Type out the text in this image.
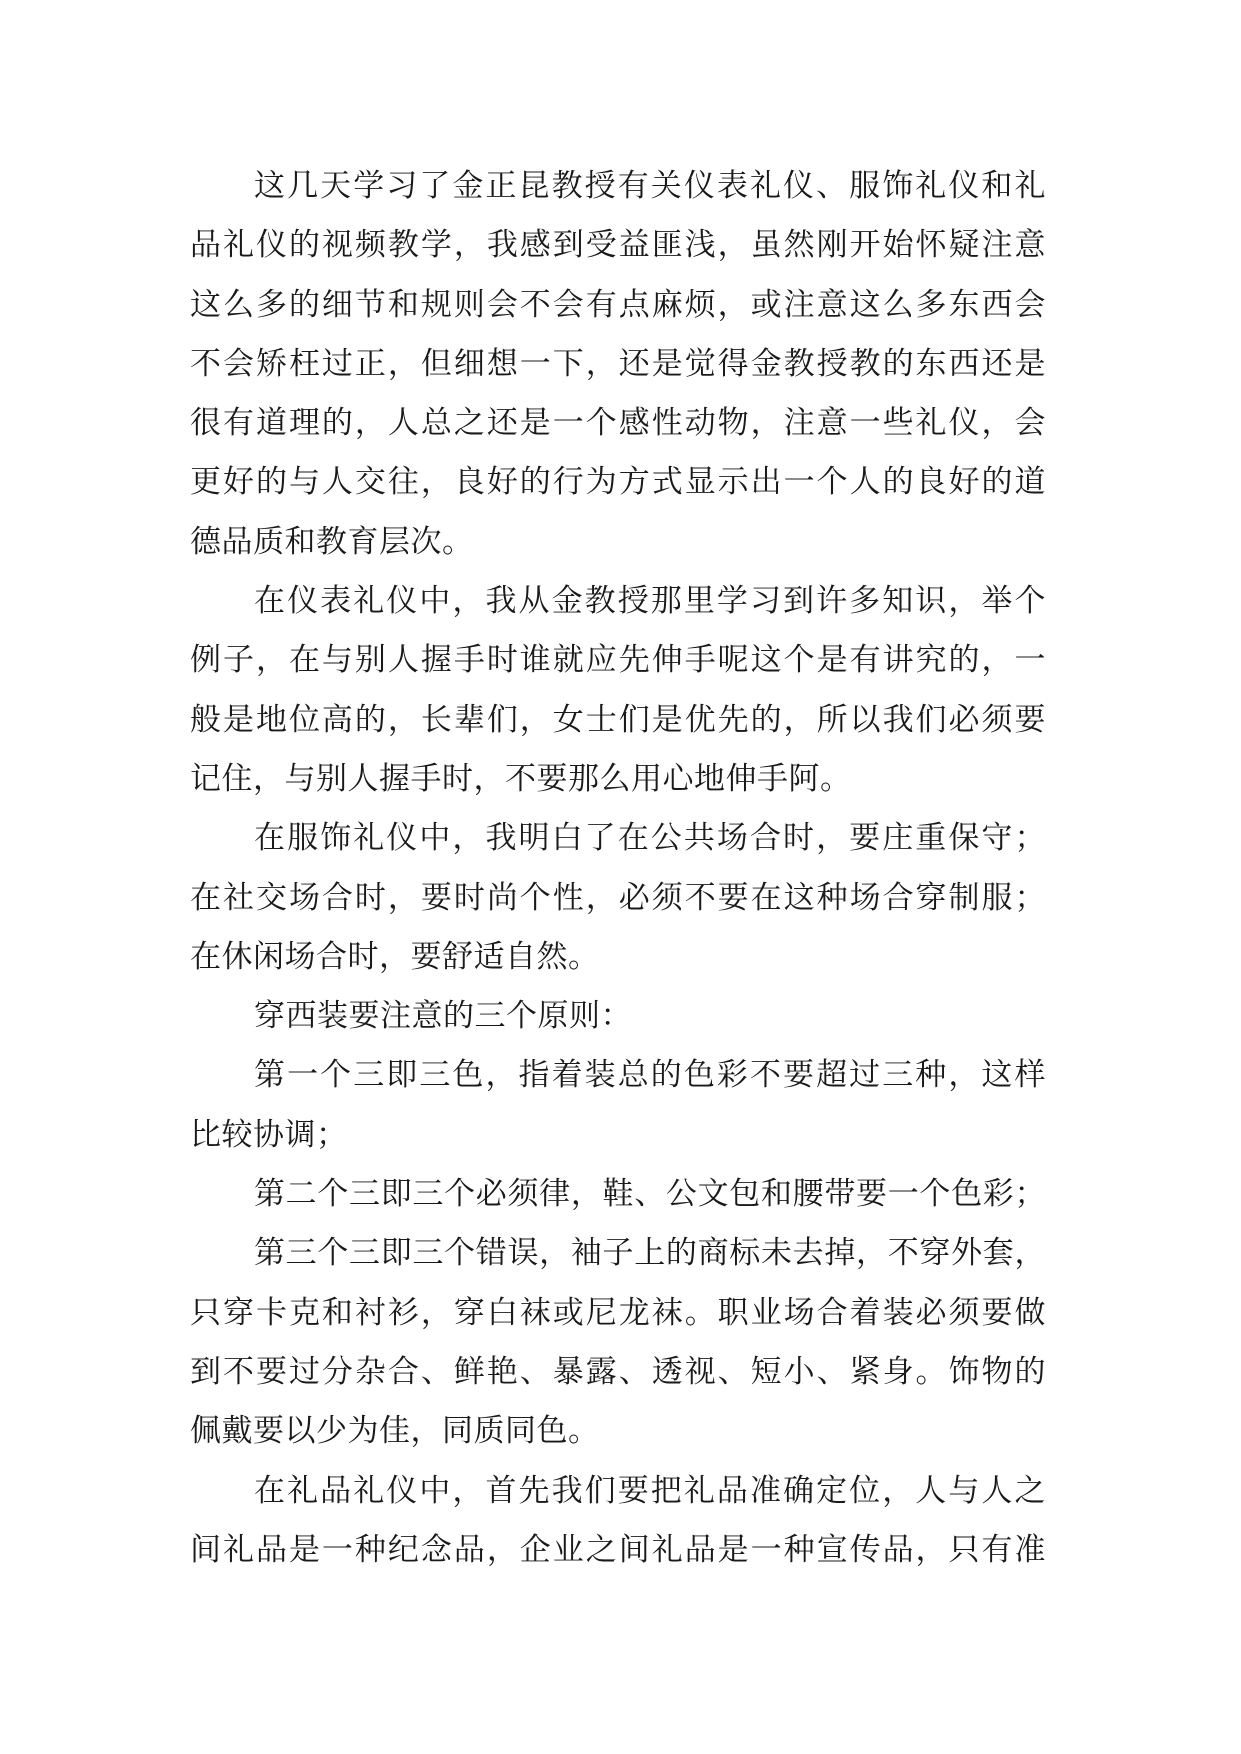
这几天学习了金正昆教授有关仪表礼仪、服饰礼仪和礼
品礼仪的视频教学，我感到受益匪浅，虽然刚开始怀疑注意
这么多的细节和规则会不会有点麻烦，或注意这么多东西会
不会矫枉过正，但细想一下，还是觉得金教授教的东西还是
很有道理的，人总之还是一个感性动物，注意一些礼仪，会
更好的与人交往，良好的行为方式显示出一个人的良好的道
德品质和教育层次。
在仪表礼仪中，我从金教授那里学习到许多知识，举个
例子，在与别人握手时谁就应先伸手呢这个是有讲究的，一
般是地位高的，长辈们，女士们是优先的，所以我们必须要
记住，与别人握手时，不要那么用心地伸手阿。
在服饰礼仪中，我明白了在公共场合时，要庄重保守；
在社交场合时，要时尚个性，必须不要在这种场合穿制服；
在休闲场合时，要舒适自然。
穿西装要注意的三个原则：
第一个三即三色，指着装总的色彩不要超过三种，这样
比较协调；
第二个三即三个必须律，鞋、公文包和腰带要一个色彩；
第三个三即三个错误，袖子上的商标未去掉，不穿外套，
只穿卡克和衬衫，穿白袜或尼龙袜。职业场合着装必须要做
到不要过分杂合、鲜艳、暴露、透视、短小、紧身。饰物的
佩戴要以少为佳，同质同色。
在礼品礼仪中，首先我们要把礼品准确定位，人与人之
间礼品是一种纪念品，企业之间礼品是一种宣传品，只有准
